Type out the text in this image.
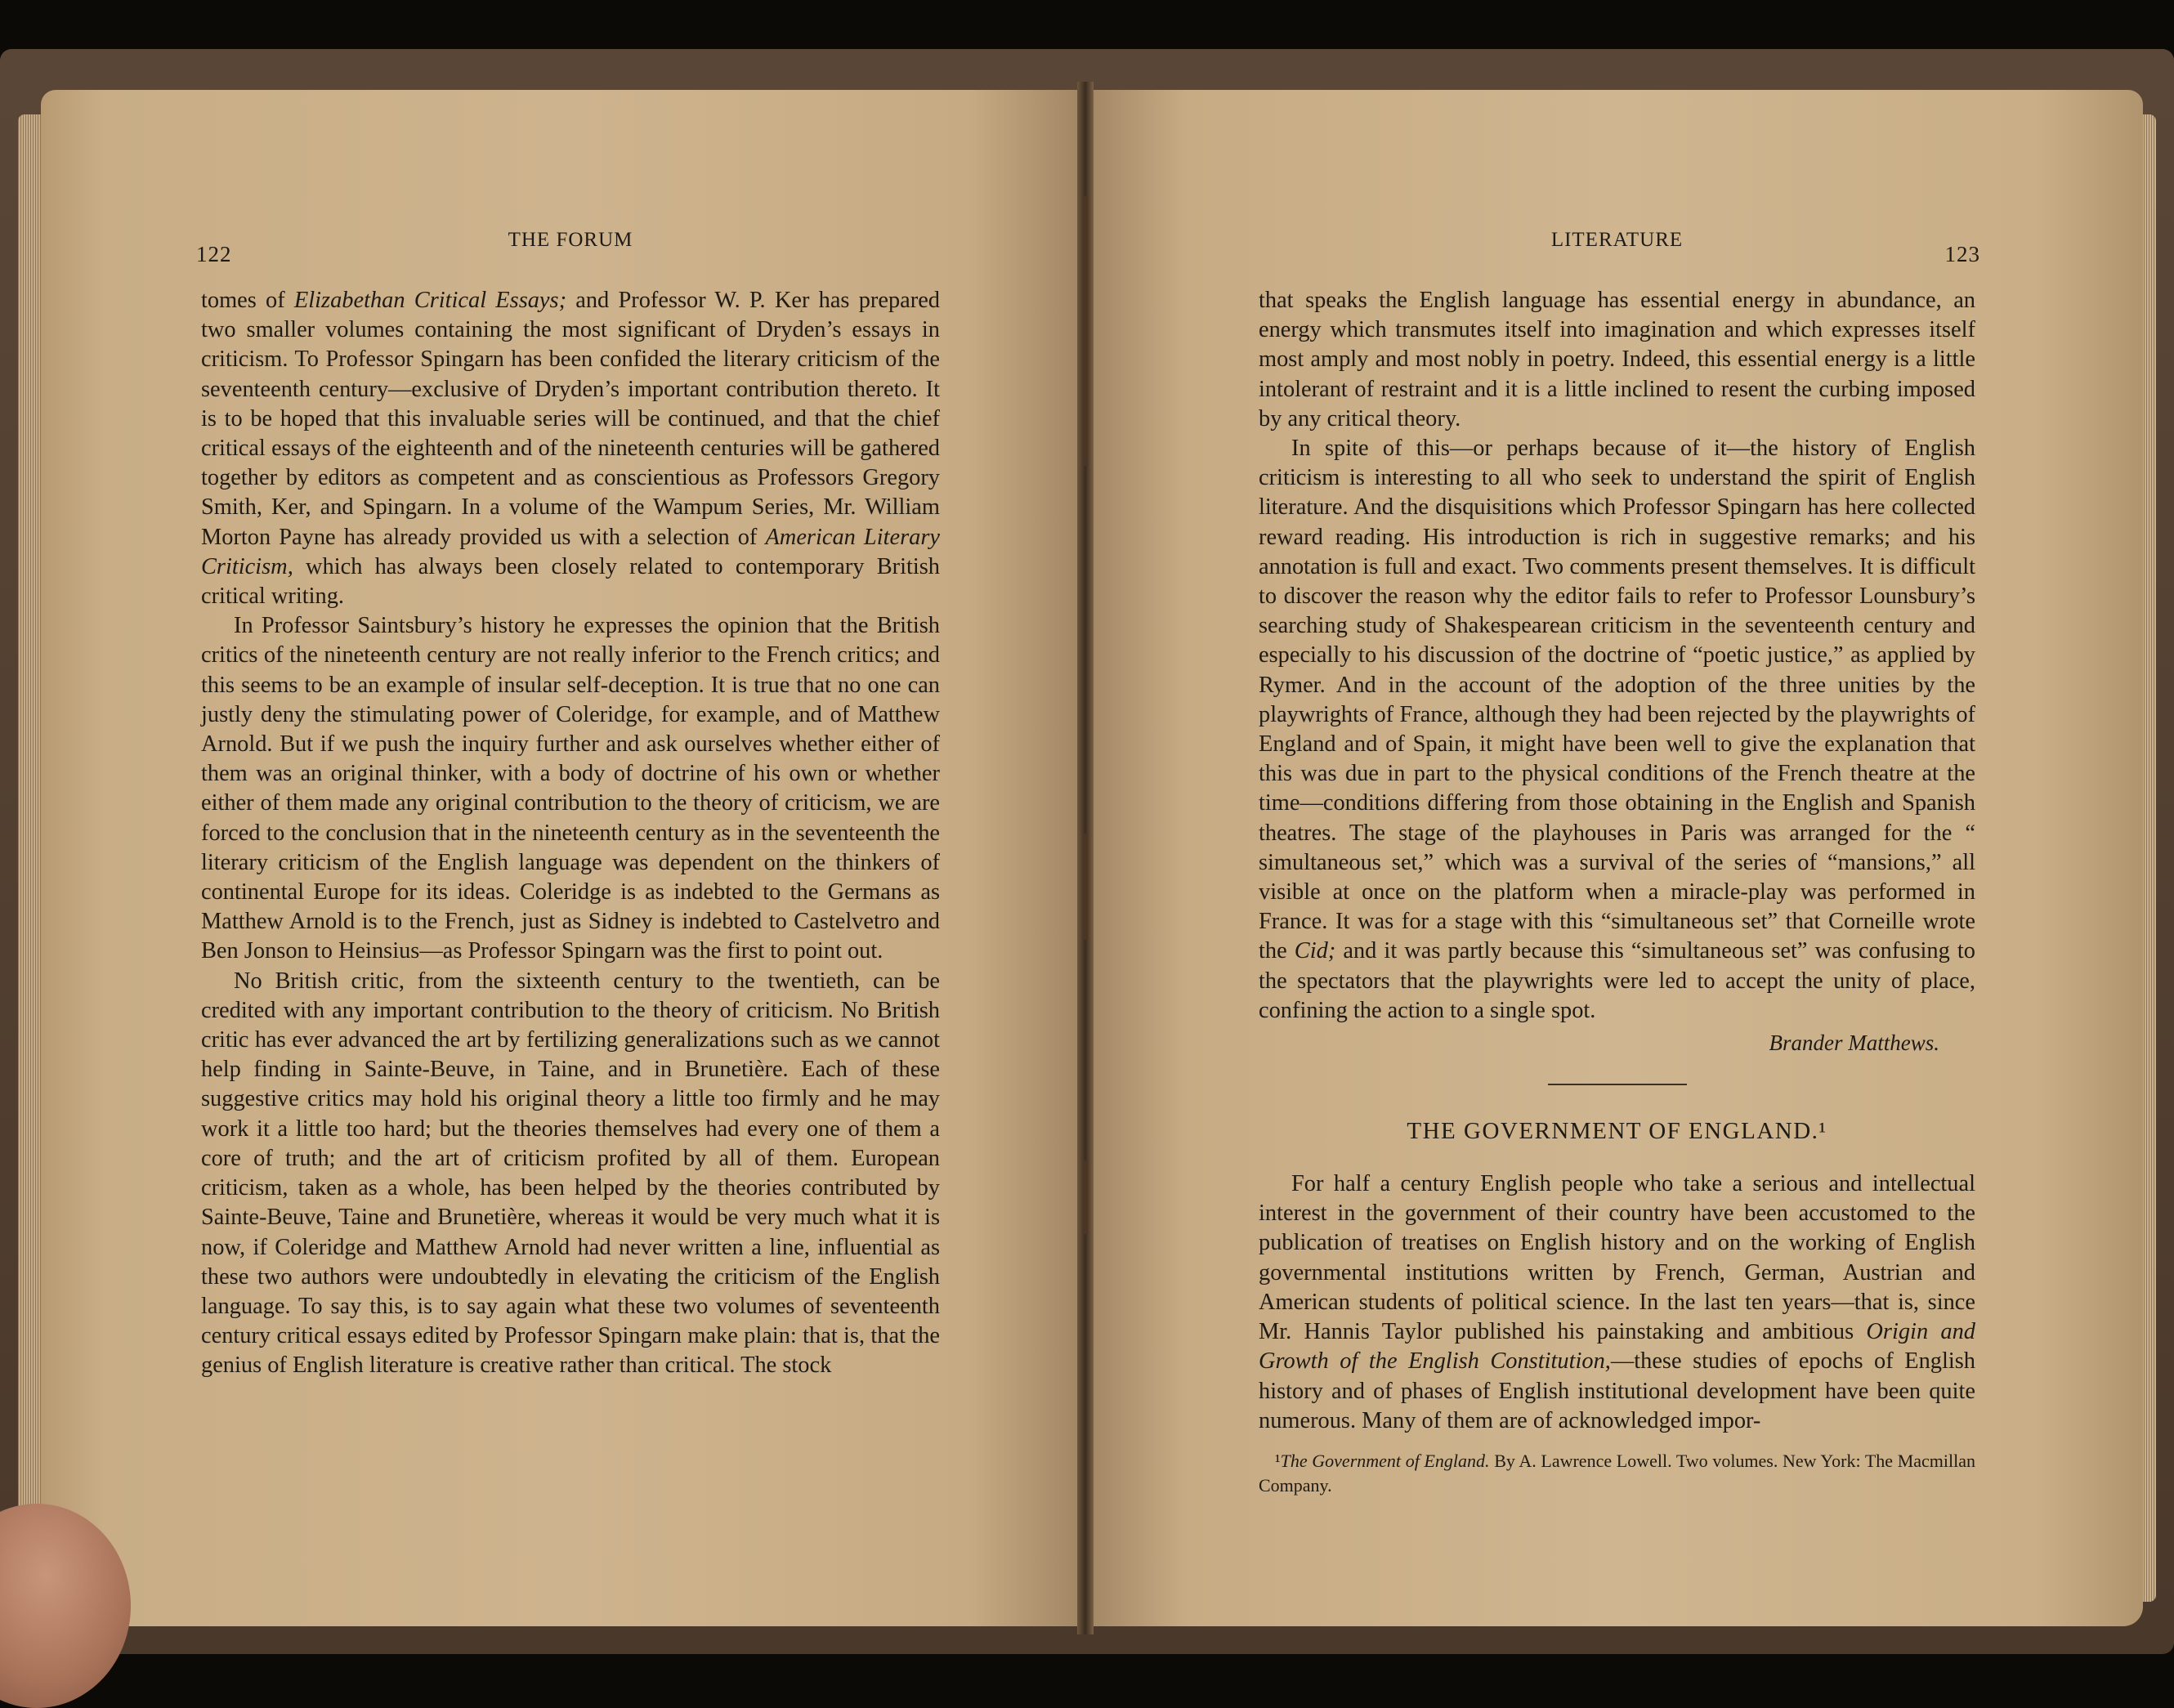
122
THE FORUM

tomes of Elizabethan Critical Essays; and Professor W. P. Ker has prepared two smaller volumes containing the most significant of Dryden’s essays in criticism. To Professor Spingarn has been confided the literary criticism of the seventeenth century—exclusive of Dryden’s important contribution thereto. It is to be hoped that this invaluable series will be continued, and that the chief critical essays of the eighteenth and of the nineteenth centuries will be gathered together by editors as competent and as conscientious as Professors Gregory Smith, Ker, and Spingarn. In a volume of the Wampum Series, Mr. William Morton Payne has already provided us with a selection of American Literary Criticism, which has always been closely related to contemporary British critical writing.

In Professor Saintsbury’s history he expresses the opinion that the British critics of the nineteenth century are not really inferior to the French critics; and this seems to be an example of insular self-deception. It is true that no one can justly deny the stimulating power of Coleridge, for example, and of Matthew Arnold. But if we push the inquiry further and ask ourselves whether either of them was an original thinker, with a body of doctrine of his own or whether either of them made any original contribution to the theory of criticism, we are forced to the conclusion that in the nineteenth century as in the seventeenth the literary criticism of the English language was dependent on the thinkers of continental Europe for its ideas. Coleridge is as indebted to the Germans as Matthew Arnold is to the French, just as Sidney is indebted to Castelvetro and Ben Jonson to Heinsius—as Professor Spingarn was the first to point out.

No British critic, from the sixteenth century to the twentieth, can be credited with any important contribution to the theory of criticism. No British critic has ever advanced the art by fertilizing generalizations such as we cannot help finding in Sainte-Beuve, in Taine, and in Brunetière. Each of these suggestive critics may hold his original theory a little too firmly and he may work it a little too hard; but the theories themselves had every one of them a core of truth; and the art of criticism profited by all of them. European criticism, taken as a whole, has been helped by the theories contributed by Sainte-Beuve, Taine and Brunetière, whereas it would be very much what it is now, if Coleridge and Matthew Arnold had never written a line, influential as these two authors were undoubtedly in elevating the criticism of the English language. To say this, is to say again what these two volumes of seventeenth century critical essays edited by Professor Spingarn make plain: that is, that the genius of English literature is creative rather than critical. The stock

LITERATURE
123

that speaks the English language has essential energy in abundance, an energy which transmutes itself into imagination and which expresses itself most amply and most nobly in poetry. Indeed, this essential energy is a little intolerant of restraint and it is a little inclined to resent the curbing imposed by any critical theory.

In spite of this—or perhaps because of it—the history of English criticism is interesting to all who seek to understand the spirit of English literature. And the disquisitions which Professor Spingarn has here collected reward reading. His introduction is rich in suggestive remarks; and his annotation is full and exact. Two comments present themselves. It is difficult to discover the reason why the editor fails to refer to Professor Lounsbury’s searching study of Shakespearean criticism in the seventeenth century and especially to his discussion of the doctrine of “poetic justice,” as applied by Rymer. And in the account of the adoption of the three unities by the playwrights of France, although they had been rejected by the playwrights of England and of Spain, it might have been well to give the explanation that this was due in part to the physical conditions of the French theatre at the time—conditions differing from those obtaining in the English and Spanish theatres. The stage of the playhouses in Paris was arranged for the “ simultaneous set,” which was a survival of the series of “mansions,” all visible at once on the platform when a miracle-play was performed in France. It was for a stage with this “simultaneous set” that Corneille wrote the Cid; and it was partly because this “simultaneous set” was confusing to the spectators that the playwrights were led to accept the unity of place, confining the action to a single spot.

Brander Matthews.
THE GOVERNMENT OF ENGLAND.¹

For half a century English people who take a serious and intellectual interest in the government of their country have been accustomed to the publication of treatises on English history and on the working of English governmental institutions written by French, German, Austrian and American students of political science. In the last ten years—that is, since Mr. Hannis Taylor published his painstaking and ambitious Origin and Growth of the English Constitution,—these studies of epochs of English history and of phases of English institutional development have been quite numerous. Many of them are of acknowledged impor-

¹The Government of England. By A. Lawrence Lowell. Two volumes. New York: The Macmillan Company.
